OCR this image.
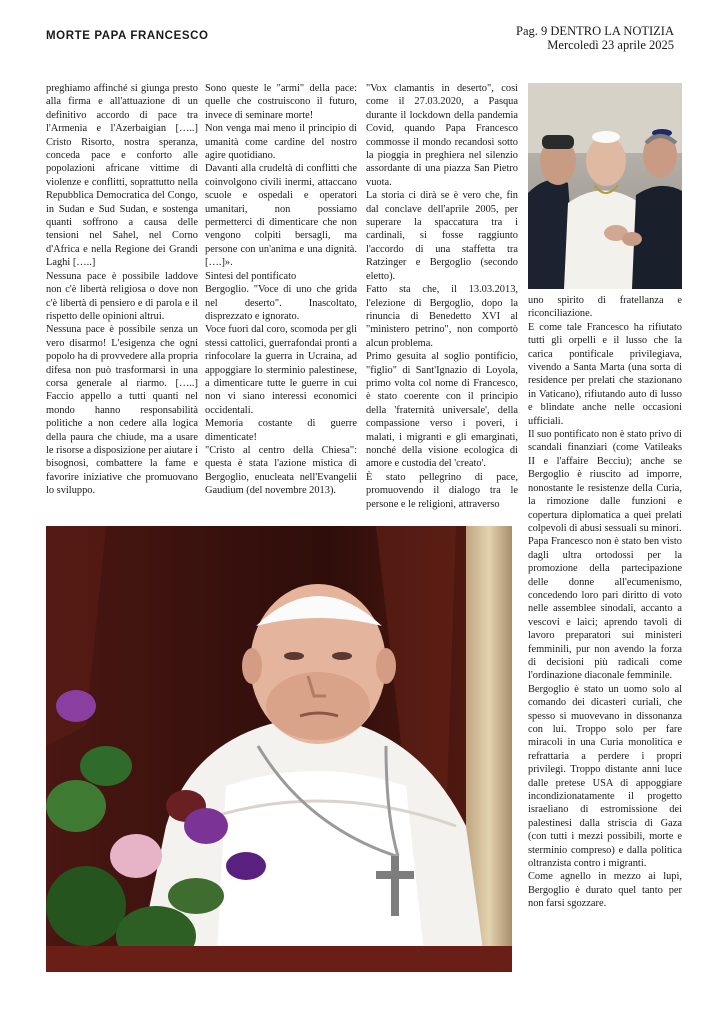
MORTE PAPA FRANCESCO	Pag. 9 DENTRO LA NOTIZIA
Mercoledì 23 aprile 2025

preghiamo affinché si giunga presto alla firma e all'attuazione di un definitivo accordo di pace tra l'Armenia e l'Azerbaigian […..] Cristo Risorto, nostra speranza, conceda pace e conforto alle popolazioni africane vittime di violenze e conflitti, soprattutto nella Repubblica Democratica del Congo, in Sudan e Sud Sudan, e sostenga quanti soffrono a causa delle tensioni nel Sahel, nel Corno d'Africa e nella Regione dei Grandi Laghi […..]

Nessuna pace è possibile laddove non c'è libertà religiosa o dove non c'è libertà di pensiero e di parola e il rispetto delle opinioni altrui.

Nessuna pace è possibile senza un vero disarmo! L'esigenza che ogni popolo ha di provvedere alla propria difesa non può trasformarsi in una corsa generale al riarmo. […..] Faccio appello a tutti quanti nel mondo hanno responsabilità politiche a non cedere alla logica della paura che chiude, ma a usare le risorse a disposizione per aiutare i bisognosi, combattere la fame e favorire iniziative che promuovano lo sviluppo.

Sono queste le "armi" della pace: quelle che costruiscono il futuro, invece di seminare morte!

Non venga mai meno il principio di umanità come cardine del nostro agire quotidiano.

Davanti alla crudeltà di conflitti che coinvolgono civili inermi, attaccano scuole e ospedali e operatori umanitari, non possiamo permetterci di dimenticare che non vengono colpiti bersagli, ma persone con un'anima e una dignità. [….]».

Sintesi del pontificato

Bergoglio. "Voce di uno che grida nel deserto". Inascoltato, disprezzato e ignorato.

Voce fuori dal coro, scomoda per gli stessi cattolici, guerrafondai pronti a rinfocolare la guerra in Ucraina, ad appoggiare lo sterminio palestinese, a dimenticare tutte le guerre in cui non vi siano interessi economici occidentali.

Memoria costante di guerre dimenticate!

"Cristo al centro della Chiesa": questa è stata l'azione mistica di Bergoglio, enucleata nell'Evangelii Gaudium (del novembre 2013).

"Vox clamantis in deserto", così come il 27.03.2020, a Pasqua durante il lockdown della pandemia Covid, quando Papa Francesco commosse il mondo recandosi sotto la pioggia in preghiera nel silenzio assordante di una piazza San Pietro vuota.

La storia ci dirà se è vero che, fin dal conclave dell'aprile 2005, per superare la spaccatura tra i cardinali, si fosse raggiunto l'accordo di una staffetta tra Ratzinger e Bergoglio (secondo eletto).

Fatto sta che, il 13.03.2013, l'elezione di Bergoglio, dopo la rinuncia di Benedetto XVI al "ministero petrino", non comportò alcun problema.

Primo gesuita al soglio pontificio, "figlio" di Sant'Ignazio di Loyola, primo volta col nome di Francesco, è stato coerente con il principio della 'fraternità universale', della compassione verso i poveri, i malati, i migranti e gli emarginati, nonché della visione ecologica di amore e custodia del 'creato'.

È stato pellegrino di pace, promuovendo il dialogo tra le persone e le religioni, attraverso

uno spirito di fratellanza e riconciliazione.

E come tale Francesco ha rifiutato tutti gli orpelli e il lusso che la carica pontificale privilegiava, vivendo a Santa Marta (una sorta di residence per prelati che stazionano in Vaticano), rifiutando auto di lusso e blindate anche nelle occasioni ufficiali.

Il suo pontificato non è stato privo di scandali finanziari (come Vatileaks II e l'affaire Becciu); anche se Bergoglio è riuscito ad imporre, nonostante le resistenze della Curia, la rimozione dalle funzioni e copertura diplomatica a quei prelati colpevoli di abusi sessuali su minori.

Papa Francesco non è stato ben visto dagli ultra ortodossi per la promozione della partecipazione delle donne all'ecumenismo, concedendo loro pari diritto di voto nelle assemblee sinodali, accanto a vescovi e laici; aprendo tavoli di lavoro preparatori sui ministeri femminili, pur non avendo la forza di decisioni più radicali come l'ordinazione diaconale femminile.

Bergoglio è stato un uomo solo al comando dei dicasteri curiali, che spesso si muovevano in dissonanza con lui. Troppo solo per fare miracoli in una Curia monolitica e refrattaria a perdere i propri privilegi. Troppo distante anni luce dalle pretese USA di appoggiare incondizionatamente il progetto israeliano di estromissione dei palestinesi dalla striscia di Gaza (con tutti i mezzi possibili, morte e sterminio compreso) e dalla politica oltranzista contro i migranti.

Come agnello in mezzo ai lupi, Bergoglio è durato quel tanto per non farsi sgozzare.
